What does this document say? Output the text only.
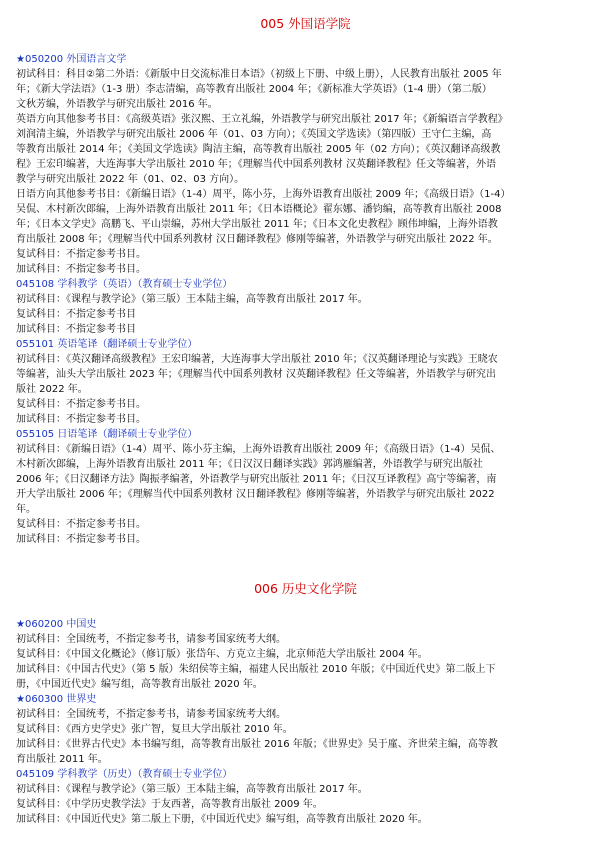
005 外国语学院
★050200 外国语言文学
初试科目：科目②第二外语：《新版中日交流标准日本语》（初级上下册、中级上册），人民教育出版社 2005 年
年；《新大学法语》（1-3 册）李志清编，高等教育出版社 2004 年；《新标准大学英语》（1-4 册）（第二版）
文秋芳编，外语教学与研究出版社 2016 年。
英语方向其他参考书目：《高级英语》张汉熙、王立礼编，外语教学与研究出版社 2017 年；《新编语言学教程》
刘润清主编，外语教学与研究出版社 2006 年（01、03 方向）；《英国文学选读》（第四版）王守仁主编，高
等教育出版社 2014 年；《美国文学选读》陶洁主编，高等教育出版社 2005 年（02 方向）；《英汉翻译高级教
程》王宏印编著，大连海事大学出版社 2010 年；《理解当代中国系列教材 汉英翻译教程》任文等编著，外语
教学与研究出版社 2022 年（01、02、03 方向）。
日语方向其他参考书目：《新编日语》（1-4）周平，陈小芬，上海外语教育出版社 2009 年；《高级日语》（1-4）
吴侃、木村新次郎编，上海外语教育出版社 2011 年；《日本语概论》翟东娜、潘钧编，高等教育出版社 2008
年；《日本文学史》高鹏飞、平山崇编，苏州大学出版社 2011 年；《日本文化史教程》顾伟坤编，上海外语教
育出版社 2008 年；《理解当代中国系列教材 汉日翻译教程》修刚等编著，外语教学与研究出版社 2022 年。
复试科目：不指定参考书目。
加试科目：不指定参考书目。
045108 学科教学（英语）（教育硕士专业学位）
初试科目：《课程与教学论》（第三版）王本陆主编，高等教育出版社 2017 年。
复试科目：不指定参考书目
加试科目：不指定参考书目
055101 英语笔译（翻译硕士专业学位）
初试科目：《英汉翻译高级教程》王宏印编著，大连海事大学出版社 2010 年；《汉英翻译理论与实践》王晓农
等编著，汕头大学出版社 2023 年；《理解当代中国系列教材 汉英翻译教程》任文等编著，外语教学与研究出
版社 2022 年。
复试科目：不指定参考书目。
加试科目：不指定参考书目。
055105 日语笔译（翻译硕士专业学位）
初试科目：《新编日语》（1-4）周平、陈小芬主编，上海外语教育出版社 2009 年；《高级日语》（1-4）吴侃、
木村新次郎编，上海外语教育出版社 2011 年；《日汉汉日翻译实践》郭鸿雁编著，外语教学与研究出版社
2006 年；《日汉翻译方法》陶振孝编著，外语教学与研究出版社 2011 年；《日汉互译教程》高宁等编著，南
开大学出版社 2006 年；《理解当代中国系列教材 汉日翻译教程》修刚等编著，外语教学与研究出版社 2022
年。
复试科目：不指定参考书目。
加试科目：不指定参考书目。
006 历史文化学院
★060200 中国史
初试科目：全国统考，不指定参考书，请参考国家统考大纲。
复试科目：《中国文化概论》（修订版）张岱年、方克立主编，北京师范大学出版社 2004 年。
加试科目：《中国古代史》（第 5 版）朱绍侯等主编，福建人民出版社 2010 年版；《中国近代史》第二版上下
册，《中国近代史》编写组，高等教育出版社 2020 年。
★060300 世界史
初试科目：全国统考，不指定参考书，请参考国家统考大纲。
复试科目：《西方史学史》张广智，复旦大学出版社 2010 年。
加试科目：《世界古代史》本书编写组，高等教育出版社 2016 年版；《世界史》吴于廑、齐世荣主编，高等教
育出版社 2011 年。
045109 学科教学（历史）（教育硕士专业学位）
初试科目：《课程与教学论》（第三版）王本陆主编，高等教育出版社 2017 年。
复试科目：《中学历史教学法》于友西著，高等教育出版社 2009 年。
加试科目：《中国近代史》第二版上下册，《中国近代史》编写组，高等教育出版社 2020 年。
